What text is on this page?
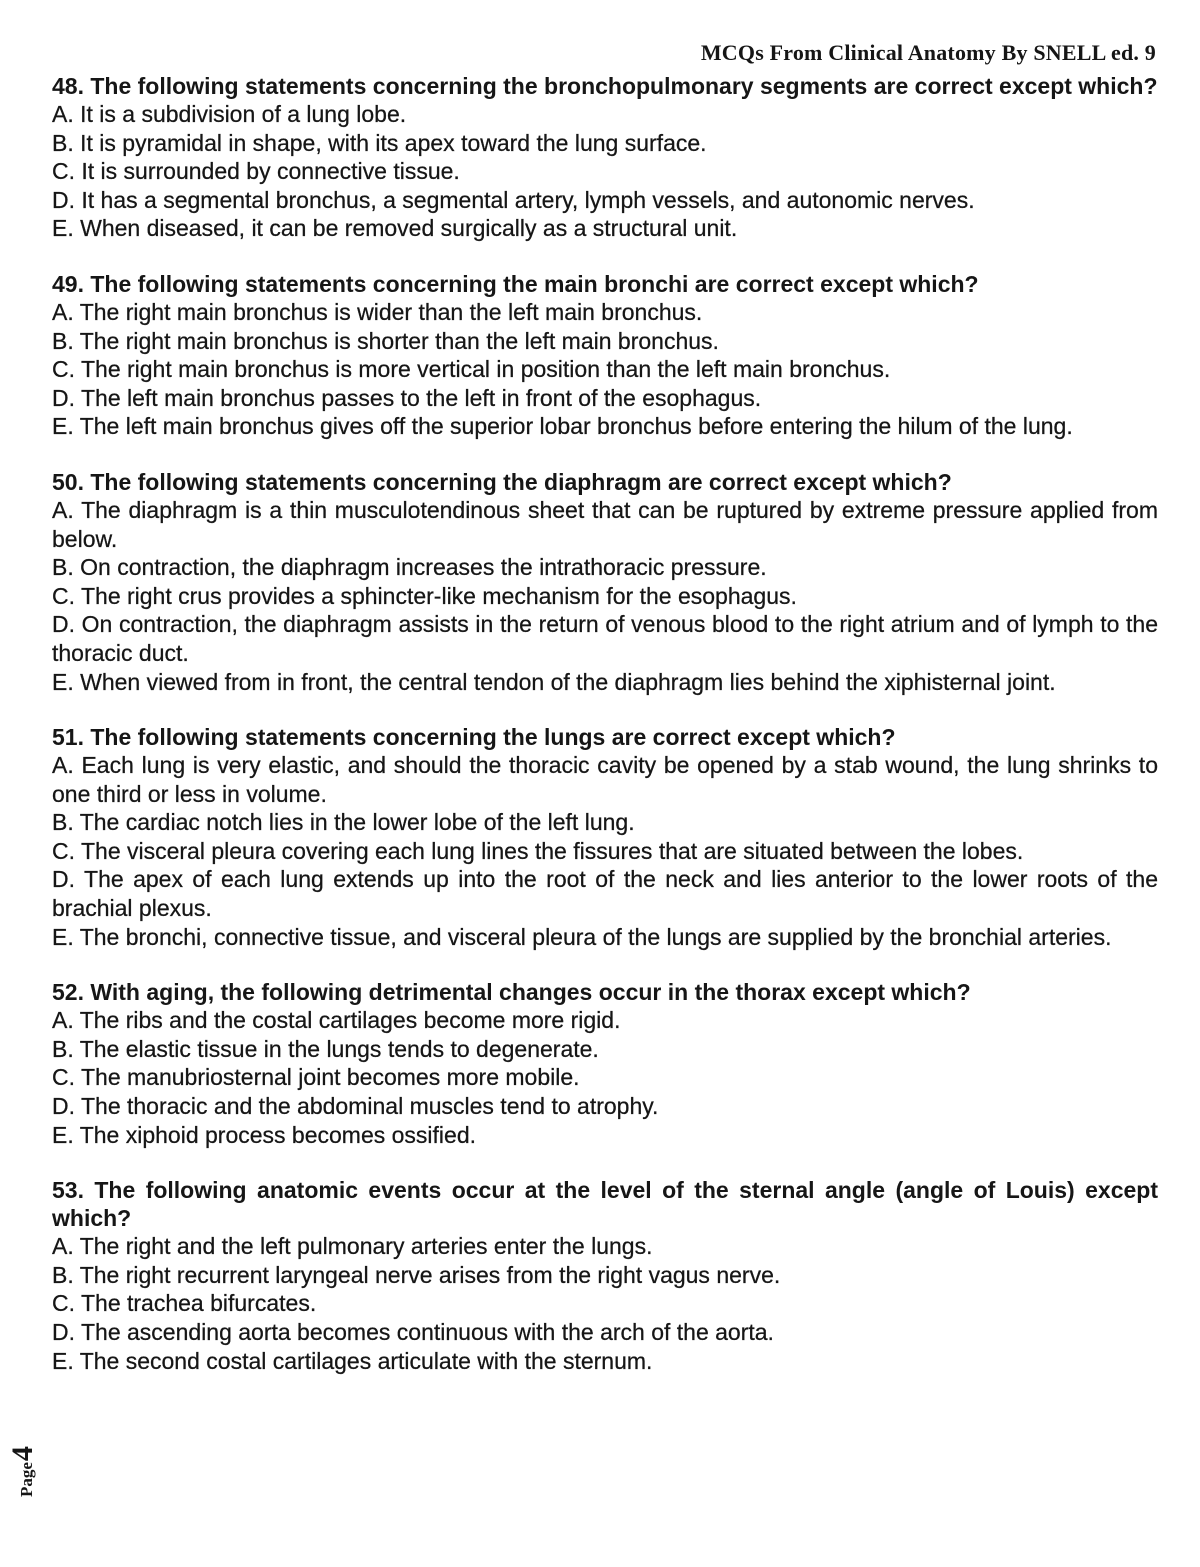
MCQs From Clinical Anatomy By SNELL ed. 9

48. The following statements concerning the bronchopulmonary segments are correct except which?

A. It is a subdivision of a lung lobe.

B. It is pyramidal in shape, with its apex toward the lung surface.

C. It is surrounded by connective tissue.

D. It has a segmental bronchus, a segmental artery, lymph vessels, and autonomic nerves.

E. When diseased, it can be removed surgically as a structural unit.

49. The following statements concerning the main bronchi are correct except which?

A. The right main bronchus is wider than the left main bronchus.

B. The right main bronchus is shorter than the left main bronchus.

C. The right main bronchus is more vertical in position than the left main bronchus.

D. The left main bronchus passes to the left in front of the esophagus.

E. The left main bronchus gives off the superior lobar bronchus before entering the hilum of the lung.

50. The following statements concerning the diaphragm are correct except which?

A. The diaphragm is a thin musculotendinous sheet that can be ruptured by extreme pressure applied from below.

B. On contraction, the diaphragm increases the intrathoracic pressure.

C. The right crus provides a sphincter-like mechanism for the esophagus.

D. On contraction, the diaphragm assists in the return of venous blood to the right atrium and of lymph to the thoracic duct.

E. When viewed from in front, the central tendon of the diaphragm lies behind the xiphisternal joint.

51. The following statements concerning the lungs are correct except which?

A. Each lung is very elastic, and should the thoracic cavity be opened by a stab wound, the lung shrinks to one third or less in volume.

B. The cardiac notch lies in the lower lobe of the left lung.

C. The visceral pleura covering each lung lines the fissures that are situated between the lobes.

D. The apex of each lung extends up into the root of the neck and lies anterior to the lower roots of the brachial plexus.

E. The bronchi, connective tissue, and visceral pleura of the lungs are supplied by the bronchial arteries.

52. With aging, the following detrimental changes occur in the thorax except which?

A. The ribs and the costal cartilages become more rigid.

B. The elastic tissue in the lungs tends to degenerate.

C. The manubriosternal joint becomes more mobile.

D. The thoracic and the abdominal muscles tend to atrophy.

E. The xiphoid process becomes ossified.

53. The following anatomic events occur at the level of the sternal angle (angle of Louis) except which?

A. The right and the left pulmonary arteries enter the lungs.

B. The right recurrent laryngeal nerve arises from the right vagus nerve.

C. The trachea bifurcates.

D. The ascending aorta becomes continuous with the arch of the aorta.

E. The second costal cartilages articulate with the sternum.

Page4
